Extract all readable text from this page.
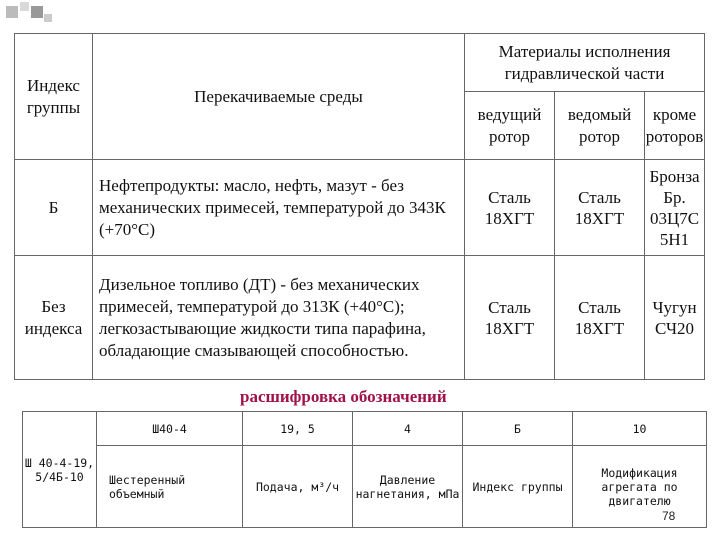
Индекс группы	Перекачиваемые среды	Материалы исполнения гидравлической части		
		ведущий ротор	ведомый ротор	кроме роторов
Б	Нефтепродукты: масло, нефть, мазут - без механических примесей, температурой до 343К (+70°С)	Сталь 18ХГТ	Сталь 18ХГТ	Бронза Бр. 03Ц7С 5Н1
Без индекса	Дизельное топливо (ДТ) - без механических примесей, температурой до 313К (+40°С); легкозастывающие жидкости типа парафина, обладающие смазывающей способностью.	Сталь 18ХГТ	Сталь 18ХГТ	Чугун СЧ20
расшифровка обозначений
Ш 40-4-19, 5/4Б-10	Ш40-4	19, 5	4	Б	10
	Шестеренный объемный	Подача, м³/ч	Давление нагнетания, мПа	Индекс группы	Модификация агрегата по двигателю
78
